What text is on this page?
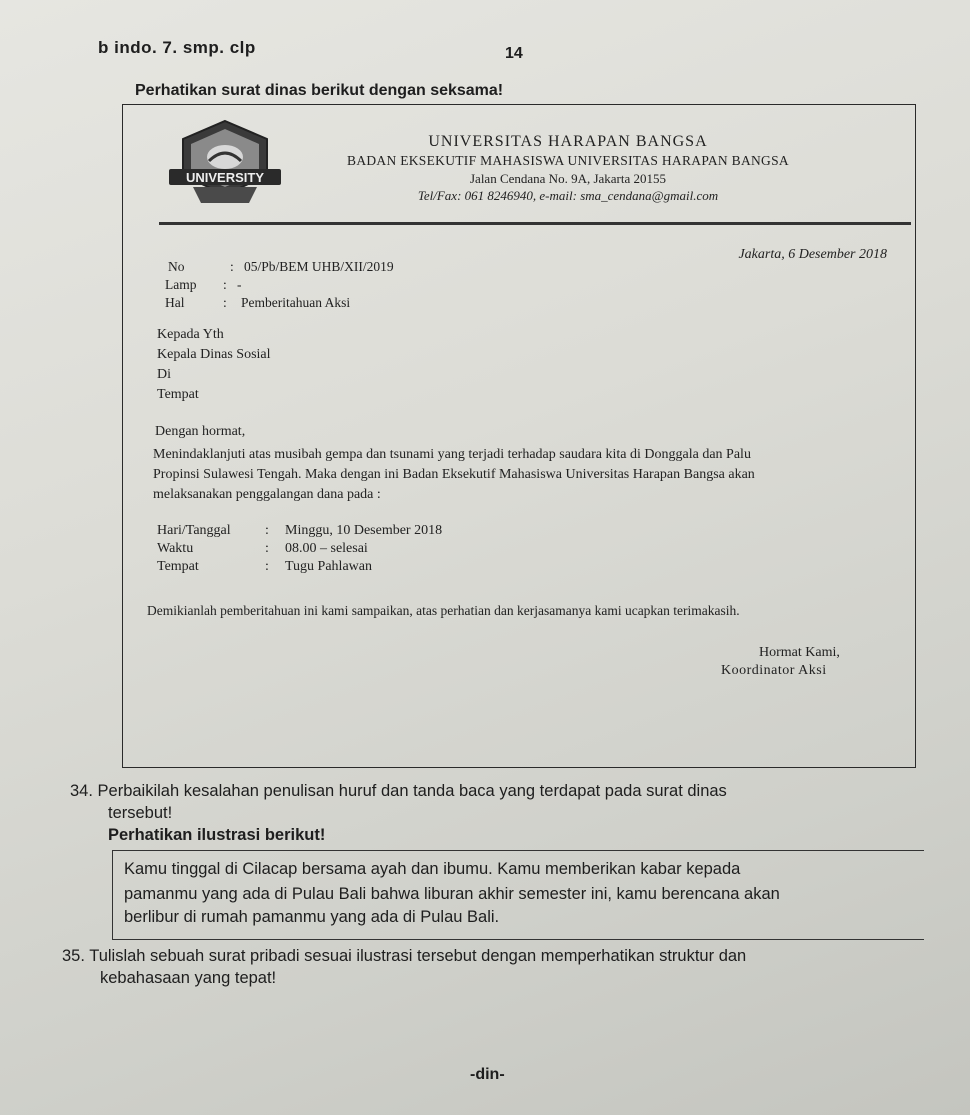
b indo. 7. smp. clp	14
Perhatikan surat dinas berikut dengan seksama!
UNIVERSITY
UNIVERSITAS HARAPAN BANGSA
BADAN EKSEKUTIF MAHASISWA UNIVERSITAS HARAPAN BANGSA
Jalan Cendana No. 9A, Jakarta 20155
Tel/Fax: 061 8246940, e-mail: sma_cendana@gmail.com
Jakarta, 6 Desember 2018
No	: 05/Pb/BEM UHB/XII/2019
Lamp : -
Hal	: Pemberitahuan Aksi
Kepada Yth
Kepala Dinas Sosial
Di
Tempat
Dengan hormat,
Menindaklanjuti atas musibah gempa dan tsunami yang terjadi terhadap saudara kita di Donggala dan Palu
Propinsi Sulawesi Tengah. Maka dengan ini Badan Eksekutif Mahasiswa Universitas Harapan Bangsa akan
melaksanakan penggalangan dana pada :
Hari/Tanggal : Minggu, 10 Desember 2018
Waktu	: 08.00 – selesai
Tempat	: Tugu Pahlawan
Demikianlah pemberitahuan ini kami sampaikan, atas perhatian dan kerjasamanya kami ucapkan terimakasih.
Hormat Kami,
Koordinator Aksi
34. Perbaikilah kesalahan penulisan huruf dan tanda baca yang terdapat pada surat dinas
tersebut!
Perhatikan ilustrasi berikut!
Kamu tinggal di Cilacap bersama ayah dan ibumu. Kamu memberikan kabar kepada
pamanmu yang ada di Pulau Bali bahwa liburan akhir semester ini, kamu berencana akan
berlibur di rumah pamanmu yang ada di Pulau Bali.
35. Tulislah sebuah surat pribadi sesuai ilustrasi tersebut dengan memperhatikan struktur dan
kebahasaan yang tepat!
-din-
